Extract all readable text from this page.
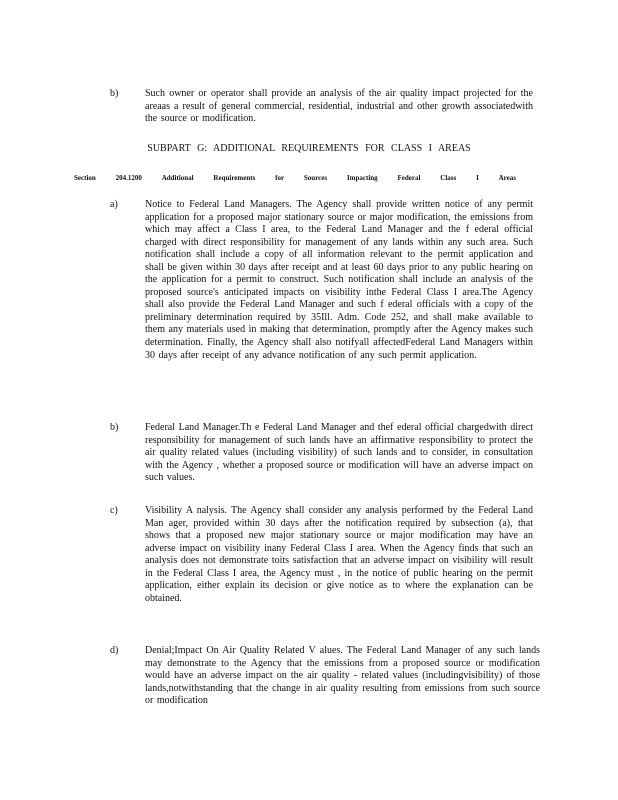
b)	Such owner or operator shall provide an analysis of the air quality impact projected for the areaas a result of general commercial, residential, industrial and other growth associatedwith the source or modification.
SUBPART G: ADDITIONAL REQUIREMENTS FOR CLASS I AREAS
Section	204.1200	Additional	Requirements	for	Sources	Impacting	Federal	Class	I	Areas
a)	Notice to Federal Land Managers. The Agency shall provide written notice of any permit application for a proposed major stationary source or major modification, the emissions from which may affect a Class I area, to the Federal Land Manager and the f ederal official charged with direct responsibility for management of any lands within any such area. Such notification shall include a copy of all information relevant to the permit application and shall be given within 30 days after receipt and at least 60 days prior to any public hearing on the application for a permit to construct. Such notification shall include an analysis of the proposed source's anticipated impacts on visibility inthe Federal Class I area.The Agency shall also provide the Federal Land Manager and such f ederal officials with a copy of the preliminary determination required by 35Ill. Adm. Code 252, and shall make available to them any materials used in making that determination, promptly after the Agency makes such determination. Finally, the Agency shall also notifyall affectedFederal Land Managers within 30 days after receipt of any advance notification of any such permit application.
b)	Federal Land Manager.Th e Federal Land Manager and thef ederal official chargedwith direct responsibility for management of such lands have an affirmative responsibility to protect the air quality related values (including visibility) of such lands and to consider, in consultation with the Agency , whether a proposed source or modification will have an adverse impact on such values.
c)	Visibility A nalysis. The Agency shall consider any analysis performed by the Federal Land Man ager, provided within 30 days after the notification required by subsection (a), that shows that a proposed new major stationary source or major modification may have an adverse impact on visibility inany Federal Class I area. When the Agency finds that such an analysis does not demonstrate toits satisfaction that an adverse impact on visibility will result in the Federal Class I area, the Agency must , in the notice of public hearing on the permit application, either explain its decision or give notice as to where the explanation can be obtained.
d)	Denial;Impact On Air Quality Related V alues. The Federal Land Manager of any such lands may demonstrate to the Agency that the emissions from a proposed source or modification would have an adverse impact on the air quality - related values (includingvisibility) of those lands,notwithstanding that the change in air quality resulting from emissions from such source or modification
